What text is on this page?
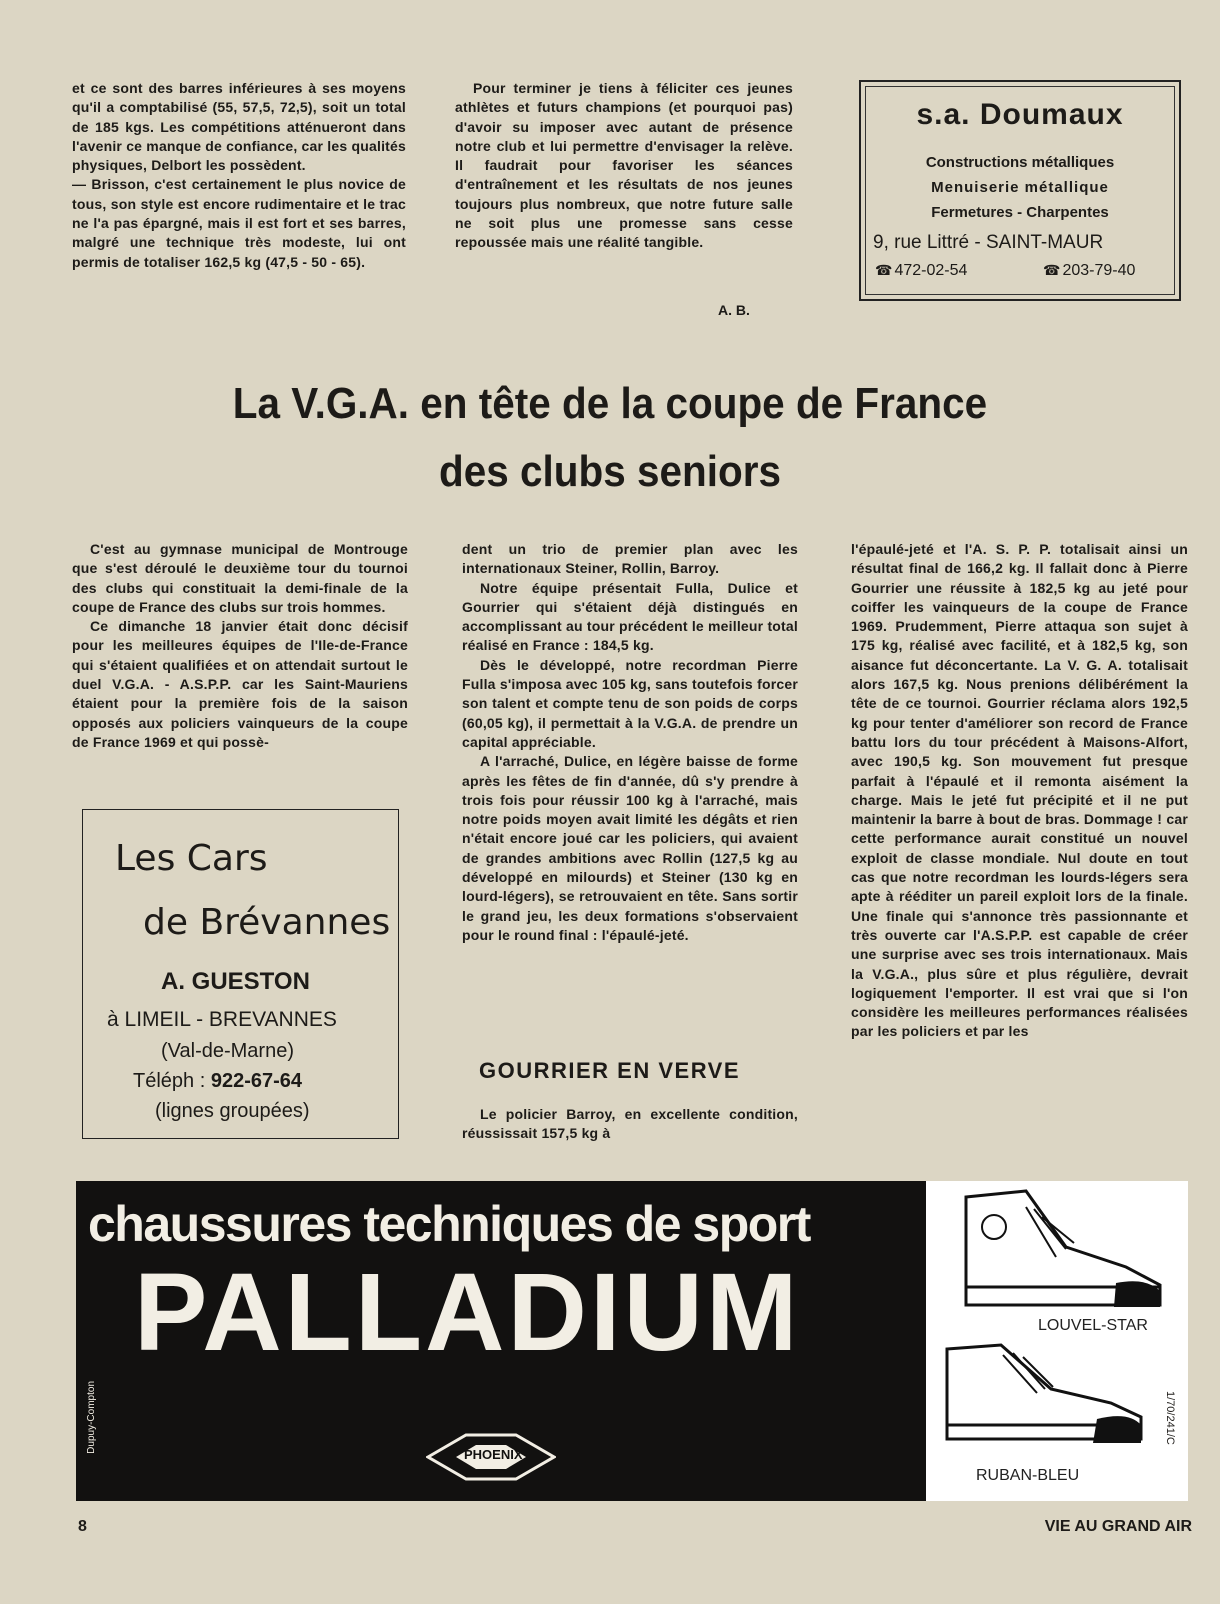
et ce sont des barres inférieures à ses moyens qu'il a comptabilisé (55, 57,5, 72,5), soit un total de 185 kgs. Les compétitions atténueront dans l'avenir ce manque de confiance, car les qualités physiques, Delbort les possèdent.
— Brisson, c'est certainement le plus novice de tous, son style est encore rudimentaire et le trac ne l'a pas épargné, mais il est fort et ses barres, malgré une technique très modeste, lui ont permis de totaliser 162,5 kg (47,5 - 50 - 65).

Pour terminer je tiens à féliciter ces jeunes athlètes et futurs champions (et pourquoi pas) d'avoir su imposer avec autant de présence notre club et lui permettre d'envisager la relève. Il faudrait pour favoriser les séances d'entraînement et les résultats de nos jeunes toujours plus nombreux, que notre future salle ne soit plus une promesse sans cesse repoussée mais une réalité tangible.

A. B.
s.a. Doumaux
Constructions métalliques
Menuiserie métallique
Fermetures - Charpentes
9, rue Littré - SAINT-MAUR
☎ 472-02-54	☎ 203-79-40
La V.G.A. en tête de la coupe de France
des clubs seniors

C'est au gymnase municipal de Montrouge que s'est déroulé le deuxième tour du tournoi des clubs qui constituait la demi-finale de la coupe de France des clubs sur trois hommes.

Ce dimanche 18 janvier était donc décisif pour les meilleures équipes de l'Ile-de-France qui s'étaient qualifiées et on attendait surtout le duel V.G.A. - A.S.P.P. car les Saint-Mauriens étaient pour la première fois de la saison opposés aux policiers vainqueurs de la coupe de France 1969 et qui possè-

Les Cars
de Brévannes
A. GUESTON
à LIMEIL - BREVANNES
(Val-de-Marne)
Téléph : 922-67-64
(lignes groupées)

dent un trio de premier plan avec les internationaux Steiner, Rollin, Barroy.

Notre équipe présentait Fulla, Dulice et Gourrier qui s'étaient déjà distingués en accomplissant au tour précédent le meilleur total réalisé en France : 184,5 kg.

Dès le développé, notre recordman Pierre Fulla s'imposa avec 105 kg, sans toutefois forcer son talent et compte tenu de son poids de corps (60,05 kg), il permettait à la V.G.A. de prendre un capital appréciable.

A l'arraché, Dulice, en légère baisse de forme après les fêtes de fin d'année, dû s'y prendre à trois fois pour réussir 100 kg à l'arraché, mais notre poids moyen avait limité les dégâts et rien n'était encore joué car les policiers, qui avaient de grandes ambitions avec Rollin (127,5 kg au développé en milourds) et Steiner (130 kg en lourd-légers), se retrouvaient en tête. Sans sortir le grand jeu, les deux formations s'observaient pour le round final : l'épaulé-jeté.

GOURRIER EN VERVE

Le policier Barroy, en excellente condition, réussissait 157,5 kg à

l'épaulé-jeté et l'A. S. P. P. totalisait ainsi un résultat final de 166,2 kg. Il fallait donc à Pierre Gourrier une réussite à 182,5 kg au jeté pour coiffer les vainqueurs de la coupe de France 1969. Prudemment, Pierre attaqua son sujet à 175 kg, réalisé avec facilité, et à 182,5 kg, son aisance fut déconcertante. La V. G. A. totalisait alors 167,5 kg. Nous prenions délibérément la tête de ce tournoi. Gourrier réclama alors 192,5 kg pour tenter d'améliorer son record de France battu lors du tour précédent à Maisons-Alfort, avec 190,5 kg. Son mouvement fut presque parfait à l'épaulé et il remonta aisément la charge. Mais le jeté fut précipité et il ne put maintenir la barre à bout de bras. Dommage ! car cette performance aurait constitué un nouvel exploit de classe mondiale. Nul doute en tout cas que notre recordman les lourds-légers sera apte à rééditer un pareil exploit lors de la finale. Une finale qui s'annonce très passionnante et très ouverte car l'A.S.P.P. est capable de créer une surprise avec ses trois internationaux. Mais la V.G.A., plus sûre et plus régulière, devrait logiquement l'emporter. Il est vrai que si l'on considère les meilleures performances réalisées par les policiers et par les

chaussures techniques de sport
PALLADIUM
PHOENIX
Dupuy-Compton
LOUVEL-STAR
RUBAN-BLEU
1/70/241/C
8	VIE AU GRAND AIR
